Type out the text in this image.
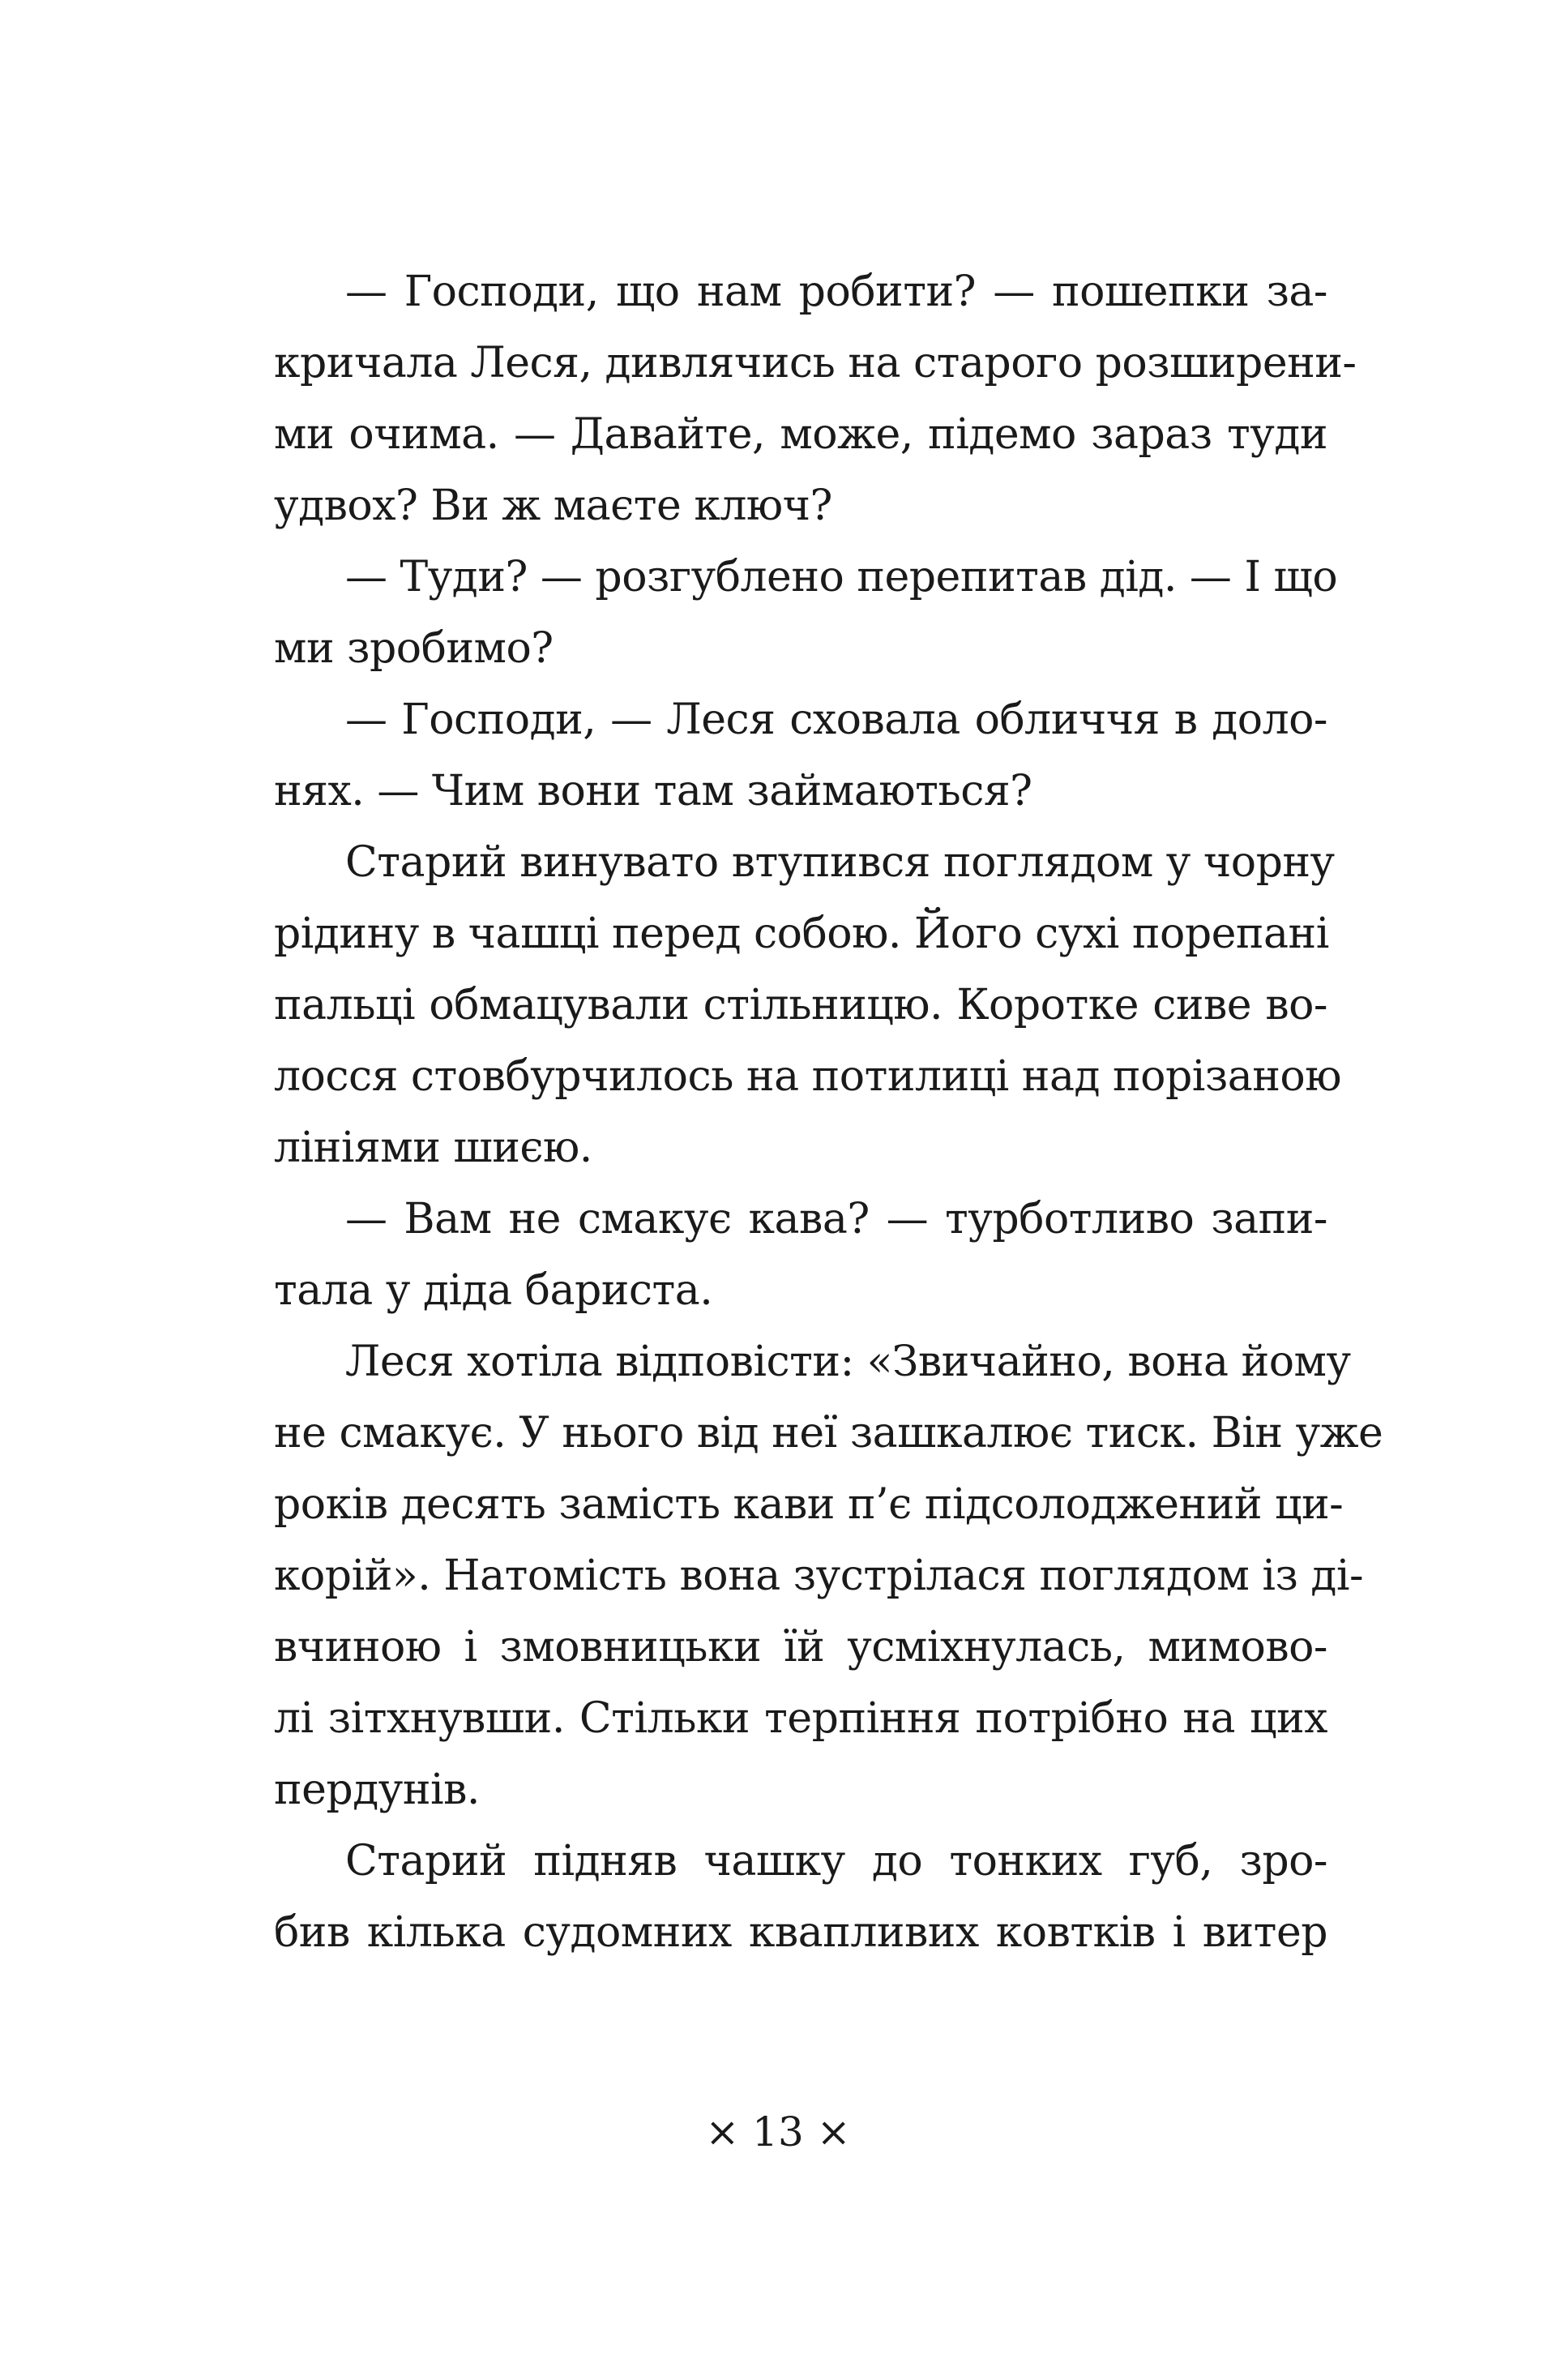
— Господи, що нам робити? — пошепки за-
кричала Леся, дивлячись на старого розширени-
ми очима. — Давайте, може, підемо зараз туди
удвох? Ви ж маєте ключ?
— Туди? — розгублено перепитав дід. — І що
ми зробимо?
— Господи, — Леся сховала обличчя в доло-
нях. — Чим вони там займаються?
Старий винувато втупився поглядом у чорну
рідину в чашці перед собою. Його сухі порепані
пальці обмацували стільницю. Коротке сиве во-
лосся стовбурчилось на потилиці над порізаною
лініями шиєю.
— Вам не смакує кава? — турботливо запи-
тала у діда бариста.
Леся хотіла відповісти: «Звичайно, вона йому
не смакує. У нього від неї зашкалює тиск. Він уже
років десять замість кави п’є підсолоджений ци-
корій». Натомість вона зустрілася поглядом із ді-
вчиною і змовницьки їй усміхнулась, мимово-
лі зітхнувши. Стільки терпіння потрібно на цих
пердунів.
Старий підняв чашку до тонких губ, зро-
бив кілька судомних квапливих ковтків і витер
× 13 ×
